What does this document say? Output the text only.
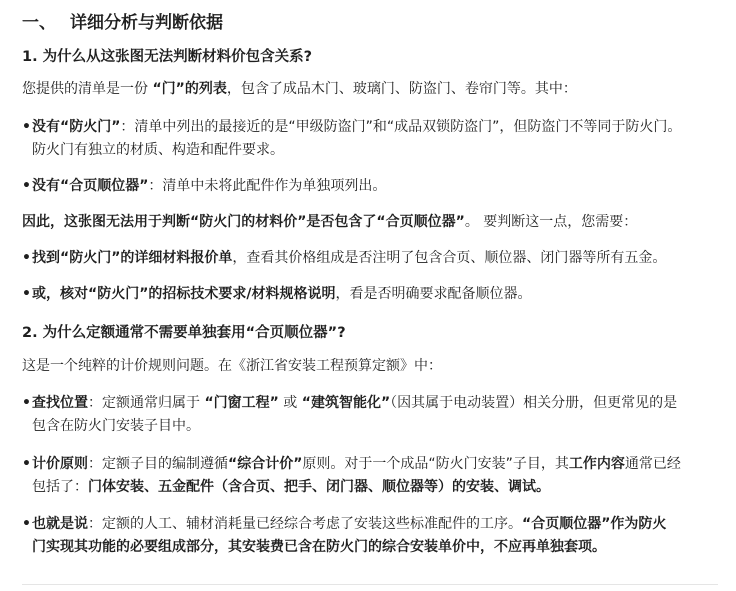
一、 详细分析与判断依据
1. 为什么从这张图无法判断材料价包含关系?
您提供的清单是一份 “门”的列表，包含了成品木门、玻璃门、防盗门、卷帘门等。其中：
•没有“防火门”：清单中列出的最接近的是“甲级防盗门”和“成品双锁防盗门”，但防盗门不等同于防火门。
防火门有独立的材质、构造和配件要求。
•没有“合页顺位器”：清单中未将此配件作为单独项列出。
因此，这张图无法用于判断“防火门的材料价”是否包含了“合页顺位器”。 要判断这一点，您需要：
•找到“防火门”的详细材料报价单，查看其价格组成是否注明了包含合页、顺位器、闭门器等所有五金。
•或，核对“防火门”的招标技术要求/材料规格说明，看是否明确要求配备顺位器。
2. 为什么定额通常不需要单独套用“合页顺位器”?
这是一个纯粹的计价规则问题。在《浙江省安装工程预算定额》中：
•查找位置：定额通常归属于 “门窗工程” 或 “建筑智能化”（因其属于电动装置）相关分册，但更常见的是
包含在防火门安装子目中。
•计价原则：定额子目的编制遵循“综合计价”原则。对于一个成品“防火门安装”子目，其工作内容通常已经
包括了：门体安装、五金配件（含合页、把手、闭门器、顺位器等）的安装、调试。
•也就是说：定额的人工、辅材消耗量已经综合考虑了安装这些标准配件的工序。“合页顺位器”作为防火
门实现其功能的必要组成部分，其安装费已含在防火门的综合安装单价中，不应再单独套项。
